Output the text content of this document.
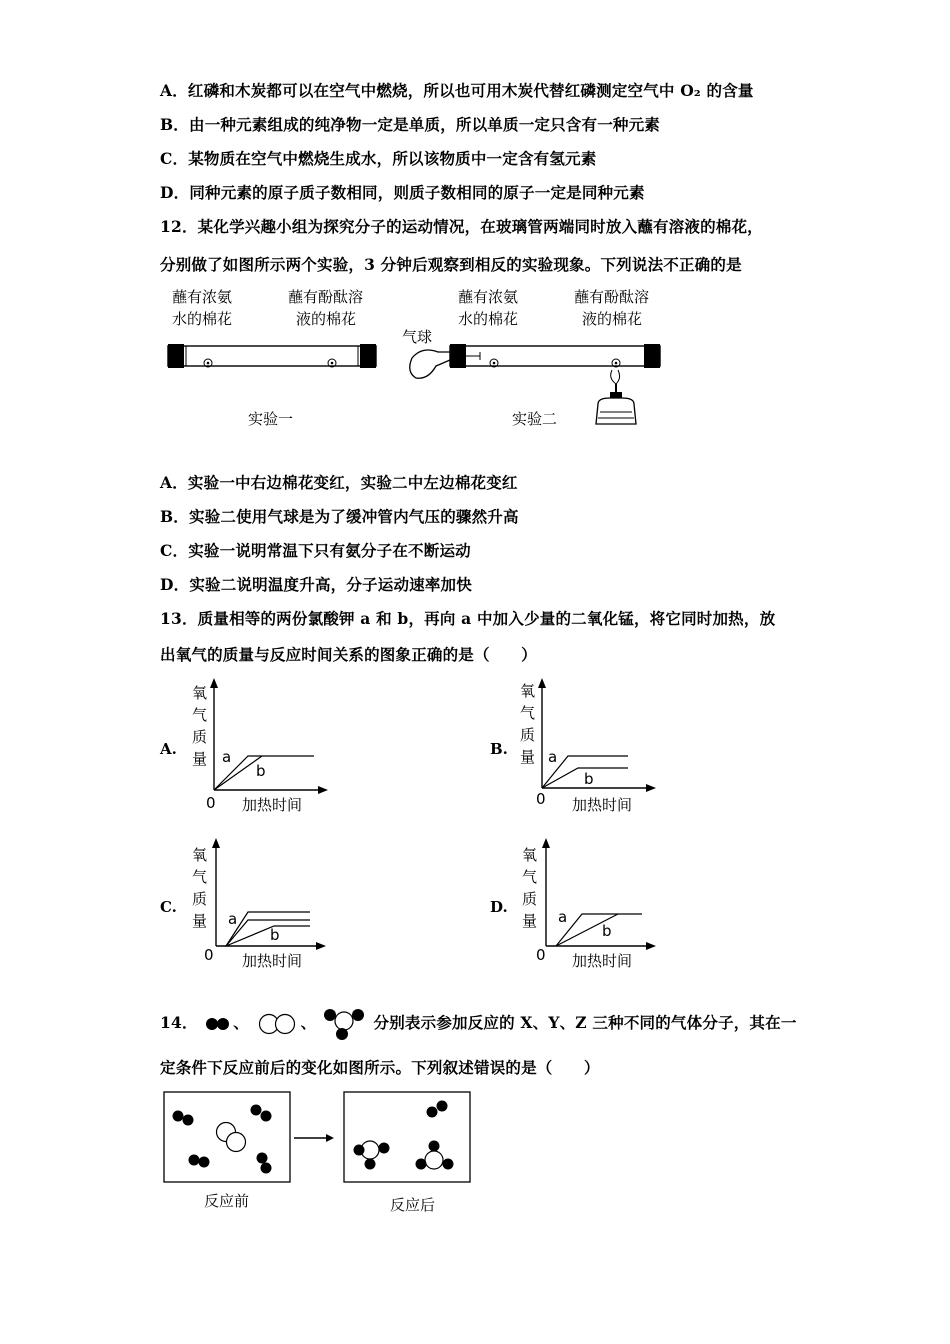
A．红磷和木炭都可以在空气中燃烧，所以也可用木炭代替红磷测定空气中 O₂ 的含量
B．由一种元素组成的纯净物一定是单质，所以单质一定只含有一种元素
C．某物质在空气中燃烧生成水，所以该物质中一定含有氢元素
D．同种元素的原子质子数相同，则质子数相同的原子一定是同种元素
12．某化学兴趣小组为探究分子的运动情况，在玻璃管两端同时放入蘸有溶液的棉花，
分别做了如图所示两个实验，3 分钟后观察到相反的实验现象。下列说法不正确的是
蘸有浓氨
水的棉花
蘸有酚酞溶
液的棉花
蘸有浓氨
水的棉花
蘸有酚酞溶
液的棉花
气球
实验一	实验二
A．实验一中右边棉花变红，实验二中左边棉花变红
B．实验二使用气球是为了缓冲管内气压的骤然升高
C．实验一说明常温下只有氨分子在不断运动
D．实验二说明温度升高，分子运动速率加快
13．质量相等的两份氯酸钾 a 和 b，再向 a 中加入少量的二氧化锰，将它同时加热，放
出氧气的质量与反应时间关系的图象正确的是（　　）
A.
氧
气
质
量 a
b
0 加热时间
B.
氧
气
质
量 a
b
0 加热时间
C.
氧
气
质
量 a
b
0 加热时间
D.
氧
气
质
量 a
b
0 加热时间
14． 、	、	分别表示参加反应的 X、Y、Z 三种不同的气体分子，其在一
定条件下反应前后的变化如图所示。下列叙述错误的是（　　）
反应前	反应后
